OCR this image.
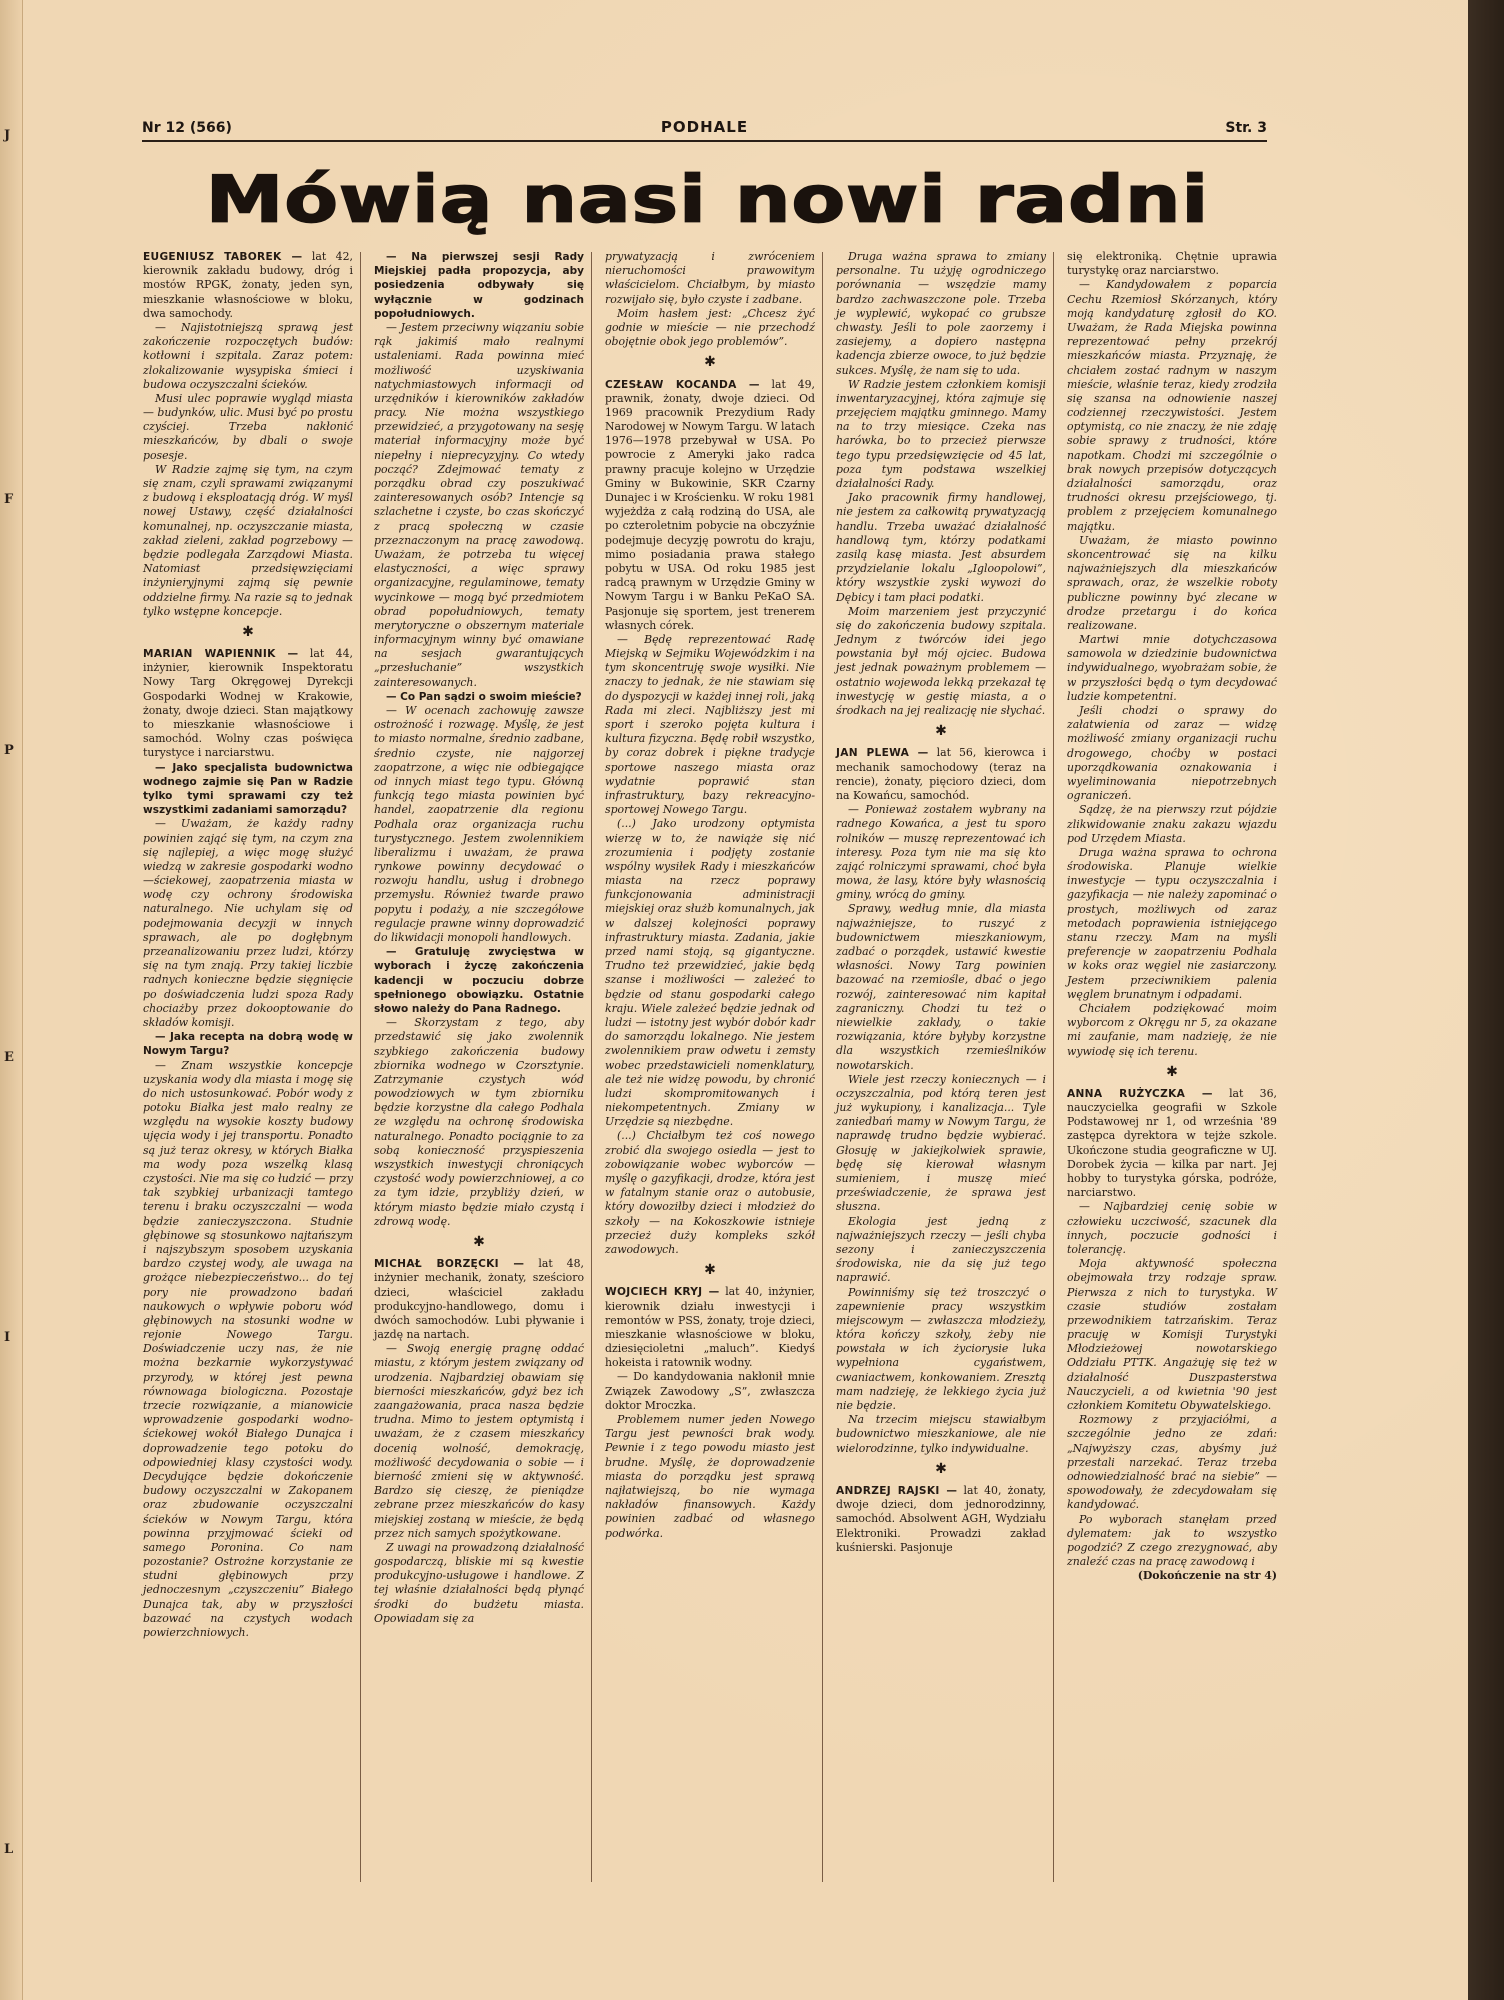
J
F
P
E
I
L
Nr 12 (566)	PODHALE	Str. 3
Mówią nasi nowi radni

EUGENIUSZ TABOREK — lat 42, kierownik zakładu budowy, dróg i mostów RPGK, żonaty, jeden syn, mieszkanie własnościowe w bloku, dwa samochody.

— Najistotniejszą sprawą jest zakończenie rozpoczętych budów: kotłowni i szpitala. Zaraz potem: zlokalizowanie wysypiska śmieci i budowa oczyszczalni ścieków.

Musi ulec poprawie wygląd miasta — budynków, ulic. Musi być po prostu czyściej. Trzeba nakłonić mieszkańców, by dbali o swoje posesje.

W Radzie zajmę się tym, na czym się znam, czyli sprawami związanymi z budową i eksploatacją dróg. W myśl nowej Ustawy, część działalności komunalnej, np. oczyszczanie miasta, zakład zieleni, zakład pogrzebowy — będzie podlegała Zarządowi Miasta. Natomiast przedsięwzięciami inżynieryjnymi zajmą się pewnie oddzielne firmy. Na razie są to jednak tylko wstępne koncepcje.

✱

MARIAN WAPIENNIK — lat 44, inżynier, kierownik Inspektoratu Nowy Targ Okręgowej Dyrekcji Gospodarki Wodnej w Krakowie, żonaty, dwoje dzieci. Stan majątkowy to mieszkanie własnościowe i samochód. Wolny czas poświęca turystyce i narciarstwu.

— Jako specjalista budownictwa wodnego zajmie się Pan w Radzie tylko tymi sprawami czy też wszystkimi zadaniami samorządu?

— Uważam, że każdy radny powinien zająć się tym, na czym zna się najlepiej, a więc mogę służyć wiedzą w zakresie gospodarki wodno—ściekowej, zaopatrzenia miasta w wodę czy ochrony środowiska naturalnego. Nie uchylam się od podejmowania decyzji w innych sprawach, ale po dogłębnym przeanalizowaniu przez ludzi, którzy się na tym znają. Przy takiej liczbie radnych konieczne będzie sięgnięcie po doświadczenia ludzi spoza Rady chociażby przez dokooptowanie do składów komisji.

— Jaka recepta na dobrą wodę w Nowym Targu?

— Znam wszystkie koncepcje uzyskania wody dla miasta i mogę się do nich ustosunkować. Pobór wody z potoku Białka jest mało realny ze względu na wysokie koszty budowy ujęcia wody i jej transportu. Ponadto są już teraz okresy, w których Białka ma wody poza wszelką klasą czystości. Nie ma się co łudzić — przy tak szybkiej urbanizacji tamtego terenu i braku oczyszczalni — woda będzie zanieczyszczona. Studnie głębinowe są stosunkowo najtańszym i najszybszym sposobem uzyskania bardzo czystej wody, ale uwaga na grożące niebezpieczeństwo... do tej pory nie prowadzono badań naukowych o wpływie poboru wód głębinowych na stosunki wodne w rejonie Nowego Targu. Doświadczenie uczy nas, że nie można bezkarnie wykorzystywać przyrody, w której jest pewna równowaga biologiczna. Pozostaje trzecie rozwiązanie, a mianowicie wprowadzenie gospodarki wodno-ściekowej wokół Białego Dunajca i doprowadzenie tego potoku do odpowiedniej klasy czystości wody. Decydujące będzie dokończenie budowy oczyszczalni w Zakopanem oraz zbudowanie oczyszczalni ścieków w Nowym Targu, która powinna przyjmować ścieki od samego Poronina. Co nam pozostanie? Ostrożne korzystanie ze studni głębinowych przy jednoczesnym „czyszczeniu” Białego Dunajca tak, aby w przyszłości bazować na czystych wodach powierzchniowych.

— Na pierwszej sesji Rady Miejskiej padła propozycja, aby posiedzenia odbywały się wyłącznie w godzinach popołudniowych.

— Jestem przeciwny wiązaniu sobie rąk jakimiś mało realnymi ustaleniami. Rada powinna mieć możliwość uzyskiwania natychmiastowych informacji od urzędników i kierowników zakładów pracy. Nie można wszystkiego przewidzieć, a przygotowany na sesję materiał informacyjny może być niepełny i nieprecyzyjny. Co wtedy począć? Zdejmować tematy z porządku obrad czy poszukiwać zainteresowanych osób? Intencje są szlachetne i czyste, bo czas skończyć z pracą społeczną w czasie przeznaczonym na pracę zawodową. Uważam, że potrzeba tu więcej elastyczności, a więc sprawy organizacyjne, regulaminowe, tematy wycinkowe — mogą być przedmiotem obrad popołudniowych, tematy merytoryczne o obszernym materiale informacyjnym winny być omawiane na sesjach gwarantujących „przesłuchanie” wszystkich zainteresowanych.

— Co Pan sądzi o swoim mieście?

— W ocenach zachowuję zawsze ostrożność i rozwagę. Myślę, że jest to miasto normalne, średnio zadbane, średnio czyste, nie najgorzej zaopatrzone, a więc nie odbiegające od innych miast tego typu. Główną funkcją tego miasta powinien być handel, zaopatrzenie dla regionu Podhala oraz organizacja ruchu turystycznego. Jestem zwolennikiem liberalizmu i uważam, że prawa rynkowe powinny decydować o rozwoju handlu, usług i drobnego przemysłu. Również twarde prawo popytu i podaży, a nie szczegółowe regulacje prawne winny doprowadzić do likwidacji monopoli handlowych.

— Gratuluję zwycięstwa w wyborach i życzę zakończenia kadencji w poczuciu dobrze spełnionego obowiązku. Ostatnie słowo należy do Pana Radnego.

— Skorzystam z tego, aby przedstawić się jako zwolennik szybkiego zakończenia budowy zbiornika wodnego w Czorsztynie. Zatrzymanie czystych wód powodziowych w tym zbiorniku będzie korzystne dla całego Podhala ze względu na ochronę środowiska naturalnego. Ponadto pociągnie to za sobą konieczność przyspieszenia wszystkich inwestycji chroniących czystość wody powierzchniowej, a co za tym idzie, przybliży dzień, w którym miasto będzie miało czystą i zdrową wodę.

✱

MICHAŁ BORZĘCKI — lat 48, inżynier mechanik, żonaty, sześcioro dzieci, właściciel zakładu produkcyjno-handlowego, domu i dwóch samochodów. Lubi pływanie i jazdę na nartach.

— Swoją energię pragnę oddać miastu, z którym jestem związany od urodzenia. Najbardziej obawiam się bierności mieszkańców, gdyż bez ich zaangażowania, praca nasza będzie trudna. Mimo to jestem optymistą i uważam, że z czasem mieszkańcy docenią wolność, demokrację, możliwość decydowania o sobie — i bierność zmieni się w aktywność. Bardzo się cieszę, że pieniądze zebrane przez mieszkańców do kasy miejskiej zostaną w mieście, że będą przez nich samych spożytkowane.

Z uwagi na prowadzoną działalność gospodarczą, bliskie mi są kwestie produkcyjno-usługowe i handlowe. Z tej właśnie działalności będą płynąć środki do budżetu miasta. Opowiadam się za

prywatyzacją i zwróceniem nieruchomości prawowitym właścicielom. Chciałbym, by miasto rozwijało się, było czyste i zadbane.

Moim hasłem jest: „Chcesz żyć godnie w mieście — nie przechodź obojętnie obok jego problemów”.

✱

CZESŁAW KOCANDA — lat 49, prawnik, żonaty, dwoje dzieci. Od 1969 pracownik Prezydium Rady Narodowej w Nowym Targu. W latach 1976—1978 przebywał w USA. Po powrocie z Ameryki jako radca prawny pracuje kolejno w Urzędzie Gminy w Bukowinie, SKR Czarny Dunajec i w Krościenku. W roku 1981 wyjeżdża z całą rodziną do USA, ale po czteroletnim pobycie na obczyźnie podejmuje decyzję powrotu do kraju, mimo posiadania prawa stałego pobytu w USA. Od roku 1985 jest radcą prawnym w Urzędzie Gminy w Nowym Targu i w Banku PeKaO SA. Pasjonuje się sportem, jest trenerem własnych córek.

— Będę reprezentować Radę Miejską w Sejmiku Wojewódzkim i na tym skoncentruję swoje wysiłki. Nie znaczy to jednak, że nie stawiam się do dyspozycji w każdej innej roli, jaką Rada mi zleci. Najbliższy jest mi sport i szeroko pojęta kultura i kultura fizyczna. Będę robił wszystko, by coraz dobrek i piękne tradycje sportowe naszego miasta oraz wydatnie poprawić stan infrastruktury, bazy rekreacyjno-sportowej Nowego Targu.

(...) Jako urodzony optymista wierzę w to, że nawiąże się nić zrozumienia i podjęty zostanie wspólny wysiłek Rady i mieszkańców miasta na rzecz poprawy funkcjonowania administracji miejskiej oraz służb komunalnych, jak w dalszej kolejności poprawy infrastruktury miasta. Zadania, jakie przed nami stoją, są gigantyczne. Trudno też przewidzieć, jakie będą szanse i możliwości — zależeć to będzie od stanu gospodarki całego kraju. Wiele zależeć będzie jednak od ludzi — istotny jest wybór dobór kadr do samorządu lokalnego. Nie jestem zwolennikiem praw odwetu i zemsty wobec przedstawicieli nomenklatury, ale też nie widzę powodu, by chronić ludzi skompromitowanych i niekompetentnych. Zmiany w Urzędzie są niezbędne.

(...) Chciałbym też coś nowego zrobić dla swojego osiedla — jest to zobowiązanie wobec wyborców — myślę o gazyfikacji, drodze, która jest w fatalnym stanie oraz o autobusie, który dowoziłby dzieci i młodzież do szkoły — na Kokoszkowie istnieje przecież duży kompleks szkół zawodowych.

✱

WOJCIECH KRYJ — lat 40, inżynier, kierownik działu inwestycji i remontów w PSS, żonaty, troje dzieci, mieszkanie własnościowe w bloku, dziesięcioletni „maluch”. Kiedyś hokeista i ratownik wodny.

— Do kandydowania nakłonił mnie Związek Zawodowy „S”, zwłaszcza doktor Mroczka.

Problemem numer jeden Nowego Targu jest pewności brak wody. Pewnie i z tego powodu miasto jest brudne. Myślę, że doprowadzenie miasta do porządku jest sprawą najłatwiejszą, bo nie wymaga nakładów finansowych. Każdy powinien zadbać od własnego podwórka.

Druga ważna sprawa to zmiany personalne. Tu użyję ogrodniczego porównania — wszędzie mamy bardzo zachwaszczone pole. Trzeba je wyplewić, wykopać co grubsze chwasty. Jeśli to pole zaorzemy i zasiejemy, a dopiero następna kadencja zbierze owoce, to już będzie sukces. Myślę, że nam się to uda.

W Radzie jestem członkiem komisji inwentaryzacyjnej, która zajmuje się przejęciem majątku gminnego. Mamy na to trzy miesiące. Czeka nas harówka, bo to przecież pierwsze tego typu przedsięwzięcie od 45 lat, poza tym podstawa wszelkiej działalności Rady.

Jako pracownik firmy handlowej, nie jestem za całkowitą prywatyzacją handlu. Trzeba uważać działalność handlową tym, którzy podatkami zasilą kasę miasta. Jest absurdem przydzielanie lokalu „Igloopolowi”, który wszystkie zyski wywozi do Dębicy i tam płaci podatki.

Moim marzeniem jest przyczynić się do zakończenia budowy szpitala. Jednym z twórców idei jego powstania był mój ojciec. Budowa jest jednak poważnym problemem — ostatnio wojewoda lekką przekazał tę inwestycję w gestię miasta, a o środkach na jej realizację nie słychać.

✱

JAN PLEWA — lat 56, kierowca i mechanik samochodowy (teraz na rencie), żonaty, pięcioro dzieci, dom na Kowańcu, samochód.

— Ponieważ zostałem wybrany na radnego Kowańca, a jest tu sporo rolników — muszę reprezentować ich interesy. Poza tym nie ma się kto zająć rolniczymi sprawami, choć była mowa, że lasy, które były własnością gminy, wrócą do gminy.

Sprawy, według mnie, dla miasta najważniejsze, to ruszyć z budownictwem mieszkaniowym, zadbać o porządek, ustawić kwestie własności. Nowy Targ powinien bazować na rzemiośle, dbać o jego rozwój, zainteresować nim kapitał zagraniczny. Chodzi tu też o niewielkie zakłady, o takie rozwiązania, które byłyby korzystne dla wszystkich rzemieślników nowotarskich.

Wiele jest rzeczy koniecznych — i oczyszczalnia, pod którą teren jest już wykupiony, i kanalizacja... Tyle zaniedbań mamy w Nowym Targu, że naprawdę trudno będzie wybierać. Głosuję w jakiejkolwiek sprawie, będę się kierował własnym sumieniem, i muszę mieć przeświadczenie, że sprawa jest słuszna.

Ekologia jest jedną z najważniejszych rzeczy — jeśli chyba sezony i zanieczyszczenia środowiska, nie da się już tego naprawić.

Powinniśmy się też troszczyć o zapewnienie pracy wszystkim miejscowym — zwłaszcza młodzieży, która kończy szkoły, żeby nie powstała w ich życiorysie luka wypełniona cygaństwem, cwaniactwem, konkowaniem. Zresztą mam nadzieję, że lekkiego życia już nie będzie.

Na trzecim miejscu stawiałbym budownictwo mieszkaniowe, ale nie wielorodzinne, tylko indywidualne.

✱

ANDRZEJ RAJSKI — lat 40, żonaty, dwoje dzieci, dom jednorodzinny, samochód. Absolwent AGH, Wydziału Elektroniki. Prowadzi zakład kuśnierski. Pasjonuje

się elektroniką. Chętnie uprawia turystykę oraz narciarstwo.

— Kandydowałem z poparcia Cechu Rzemiosł Skórzanych, który moją kandydaturę zgłosił do KO. Uważam, że Rada Miejska powinna reprezentować pełny przekrój mieszkańców miasta. Przyznaję, że chciałem zostać radnym w naszym mieście, właśnie teraz, kiedy zrodziła się szansa na odnowienie naszej codziennej rzeczywistości. Jestem optymistą, co nie znaczy, że nie zdaję sobie sprawy z trudności, które napotkam. Chodzi mi szczególnie o brak nowych przepisów dotyczących działalności samorządu, oraz trudności okresu przejściowego, tj. problem z przejęciem komunalnego majątku.

Uważam, że miasto powinno skoncentrować się na kilku najważniejszych dla mieszkańców sprawach, oraz, że wszelkie roboty publiczne powinny być zlecane w drodze przetargu i do końca realizowane.

Martwi mnie dotychczasowa samowola w dziedzinie budownictwa indywidualnego, wyobrażam sobie, że w przyszłości będą o tym decydować ludzie kompetentni.

Jeśli chodzi o sprawy do załatwienia od zaraz — widzę możliwość zmiany organizacji ruchu drogowego, choćby w postaci uporządkowania oznakowania i wyeliminowania niepotrzebnych ograniczeń.

Sądzę, że na pierwszy rzut pójdzie zlikwidowanie znaku zakazu wjazdu pod Urzędem Miasta.

Druga ważna sprawa to ochrona środowiska. Planuje wielkie inwestycje — typu oczyszczalnia i gazyfikacja — nie należy zapominać o prostych, możliwych od zaraz metodach poprawienia istniejącego stanu rzeczy. Mam na myśli preferencje w zaopatrzeniu Podhala w koks oraz węgiel nie zasiarczony. Jestem przeciwnikiem palenia węglem brunatnym i odpadami.

Chciałem podziękować moim wyborcom z Okręgu nr 5, za okazane mi zaufanie, mam nadzieję, że nie wywiodę się ich terenu.

✱

ANNA RUŻYCZKA — lat 36, nauczycielka geografii w Szkole Podstawowej nr 1, od września '89 zastępca dyrektora w tejże szkole. Ukończone studia geograficzne w UJ. Dorobek życia — kilka par nart. Jej hobby to turystyka górska, podróże, narciarstwo.

— Najbardziej cenię sobie w człowieku uczciwość, szacunek dla innych, poczucie godności i tolerancję.

Moja aktywność społeczna obejmowała trzy rodzaje spraw. Pierwsza z nich to turystyka. W czasie studiów zostałam przewodnikiem tatrzańskim. Teraz pracuję w Komisji Turystyki Młodzieżowej nowotarskiego Oddziału PTTK. Angażuję się też w działalność Duszpasterstwa Nauczycieli, a od kwietnia '90 jest członkiem Komitetu Obywatelskiego.

Rozmowy z przyjaciółmi, a szczególnie jedno ze zdań: „Najwyższy czas, abyśmy już przestali narzekać. Teraz trzeba odnowiedzialność brać na siebie” — spowodowały, że zdecydowałam się kandydować.

Po wyborach stanęłam przed dylematem: jak to wszystko pogodzić? Z czego zrezygnować, aby znaleźć czas na pracę zawodową i

(Dokończenie na str 4)
